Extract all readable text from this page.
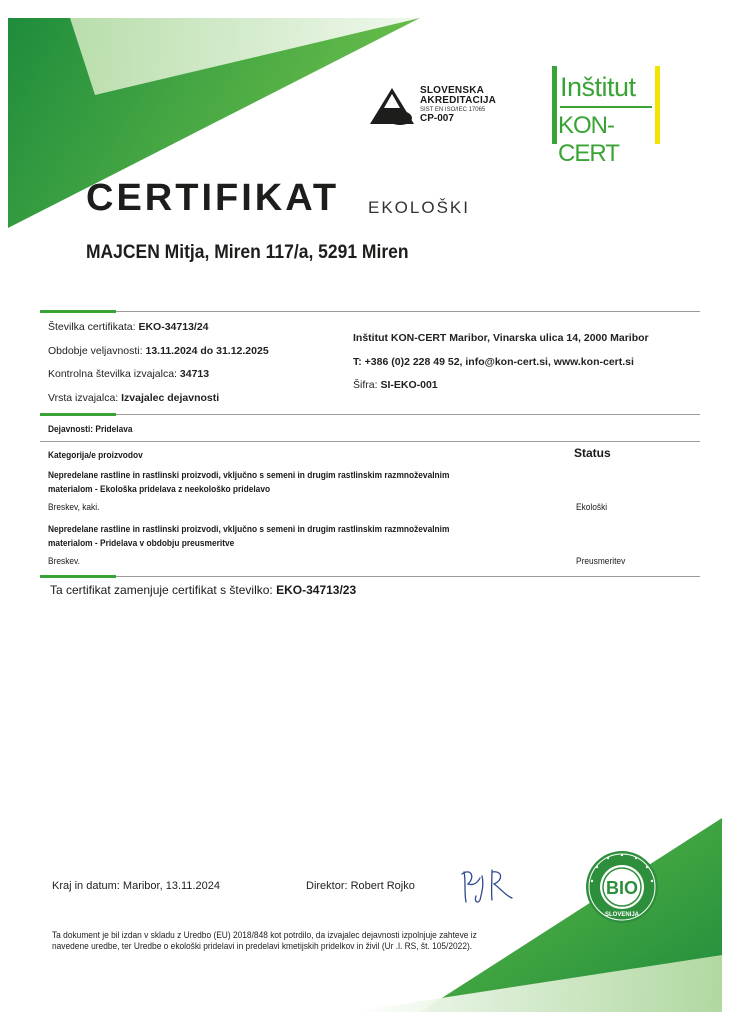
SLOVENSKA
AKREDITACIJA
SIST EN ISO/IEC 17065
CP-007
Inštitut
KON-CERT
CERTIFIKAT EKOLOŠKI
MAJCEN Mitja, Miren 117/a, 5291 Miren
Številka certifikata: EKO-34713/24
Obdobje veljavnosti: 13.11.2024 do 31.12.2025
Kontrolna številka izvajalca: 34713
Vrsta izvajalca: Izvajalec dejavnosti
Inštitut KON-CERT Maribor, Vinarska ulica 14, 2000 Maribor
T: +386 (0)2 228 49 52, info@kon-cert.si, www.kon-cert.si
Šifra: SI-EKO-001
Dejavnosti: Pridelava
Kategorija/e proizvodov	Status
Nepredelane rastline in rastlinski proizvodi, vključno s semeni in drugim rastlinskim razmnoževalnim
materialom - Ekološka pridelava z neekološko pridelavo
Breskev, kaki.	Ekološki
Nepredelane rastline in rastlinski proizvodi, vključno s semeni in drugim rastlinskim razmnoževalnim
materialom - Pridelava v obdobju preusmeritve
Breskev.	Preusmeritev
Ta certifikat zamenjuje certifikat s številko: EKO-34713/23
Kraj in datum: Maribor, 13.11.2024	Direktor: Robert Rojko
Ta dokument je bil izdan v skladu z Uredbo (EU) 2018/848 kot potrdilo, da izvajalec dejavnosti izpolnjuje zahteve iz
navedene uredbe, ter Uredbe o ekološki pridelavi in predelavi kmetijskih pridelkov in živil (Ur .l. RS, št. 105/2022).
BIO
SLOVENIJA
